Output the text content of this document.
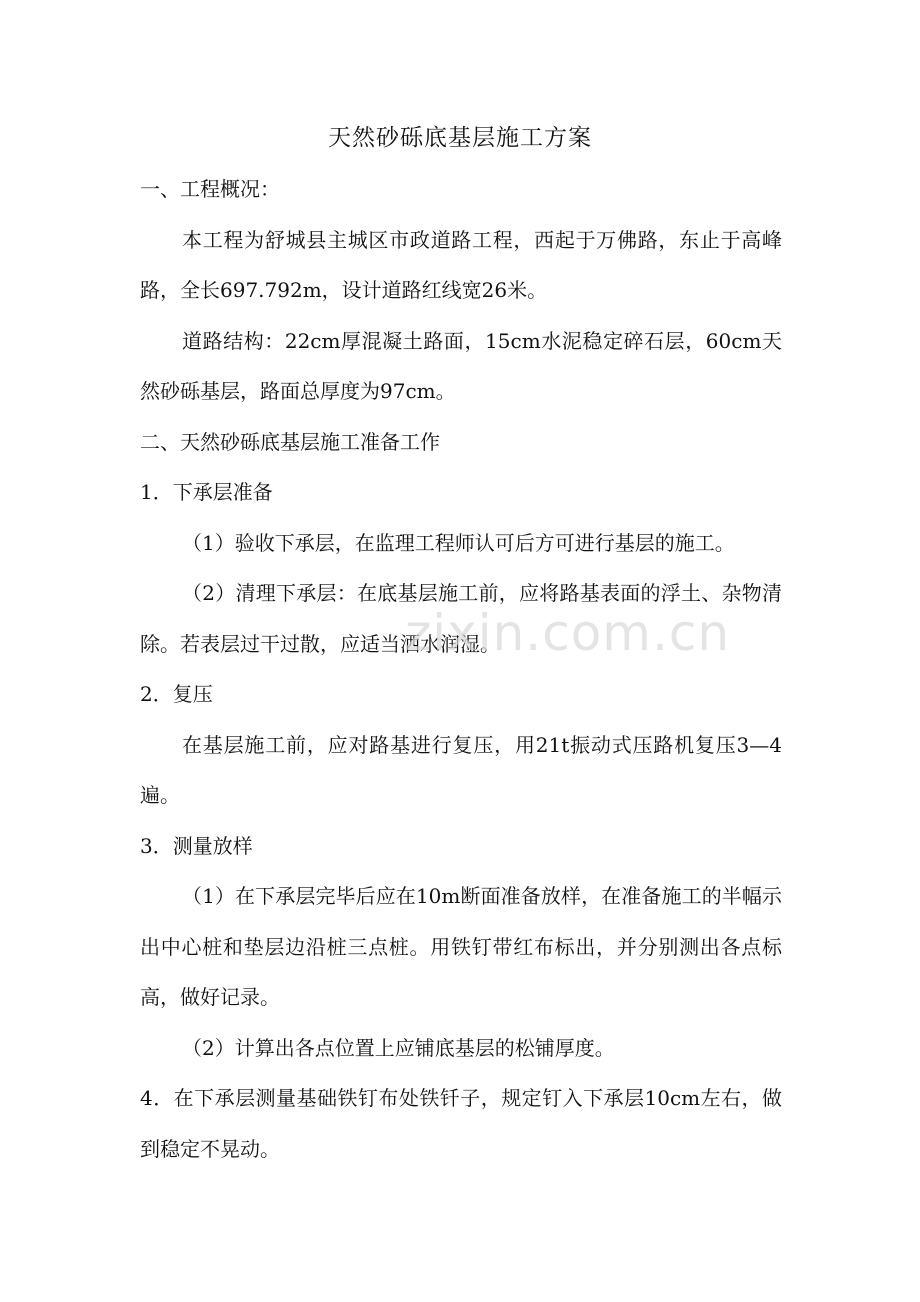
天然砂砾底基层施工方案

一、工程概况：

本工程为舒城县主城区市政道路工程，西起于万佛路，东止于高峰路，全长697.792m，设计道路红线宽26米。

道路结构：22cm厚混凝土路面，15cm水泥稳定碎石层，60cm天然砂砾基层，路面总厚度为97cm。

二、天然砂砾底基层施工准备工作

1．下承层准备

（1）验收下承层，在监理工程师认可后方可进行基层的施工。

（2）清理下承层：在底基层施工前，应将路基表面的浮土、杂物清除。若表层过干过散，应适当洒水润湿。

2．复压

在基层施工前，应对路基进行复压，用21t振动式压路机复压3—4遍。

3．测量放样

（1）在下承层完毕后应在10m断面准备放样，在准备施工的半幅示出中心桩和垫层边沿桩三点桩。用铁钉带红布标出，并分别测出各点标高，做好记录。

（2）计算出各点位置上应铺底基层的松铺厚度。

4．在下承层测量基础铁钉布处铁钎子，规定钉入下承层10cm左右，做到稳定不晃动。

zixin.com.cn
